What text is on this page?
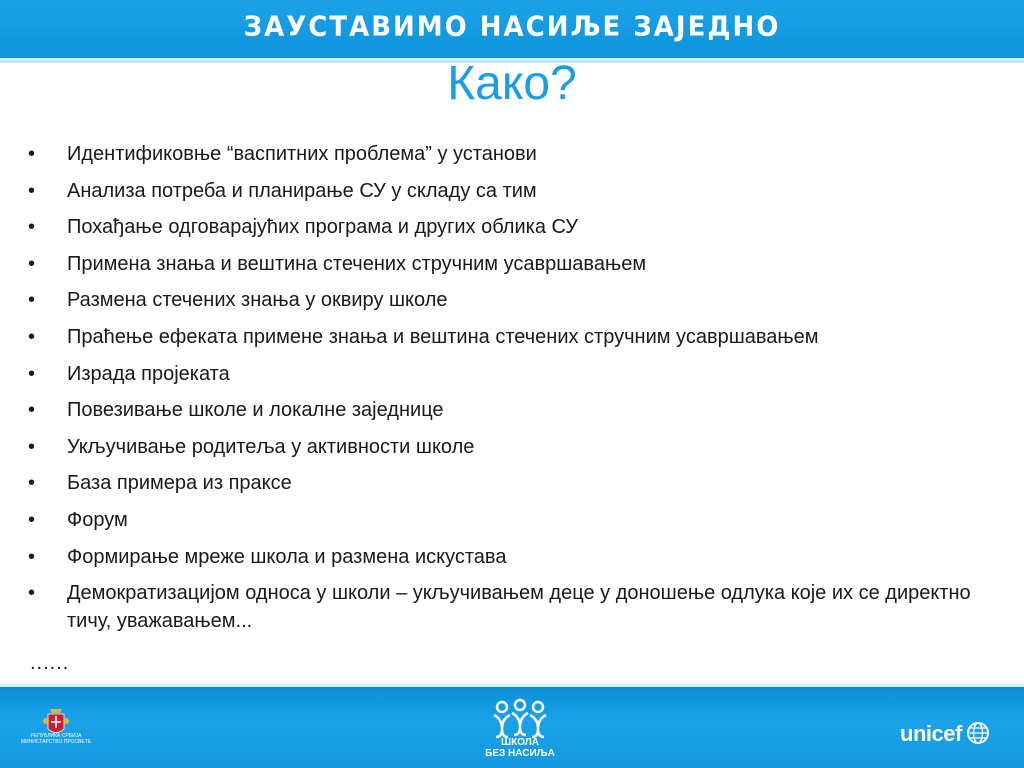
ЗАУСТАВИМО НАСИЉЕ ЗАЈЕДНО
Како?
• Идентификовње “васпитних проблема” у установи
• Анализа потреба и планирање СУ у складу са тим
• Похађање одговарајућих програма и других облика СУ
• Примена знања и вештина стечених стручним усавршавањем
• Размена стечених знања у оквиру школе
• Праћење ефеката примене знања и вештина стечених стручним усавршавањем
• Израда пројеката
• Повезивање школе и локалне заједнице
• Укључивање родитеља у активности школе
• База примера из праксе
• Форум
• Формирање мреже школа и размена искустава
• Демократизацијом односа у школи – укључивањем деце у доношење одлука које их се директно тичу, уважавањем...
......
РЕПУБЛИКА СРБИЈА
МИНИСТАРСТВО ПРОСВЕТЕ	ШКОЛА
БЕЗ НАСИЉА
unicef
